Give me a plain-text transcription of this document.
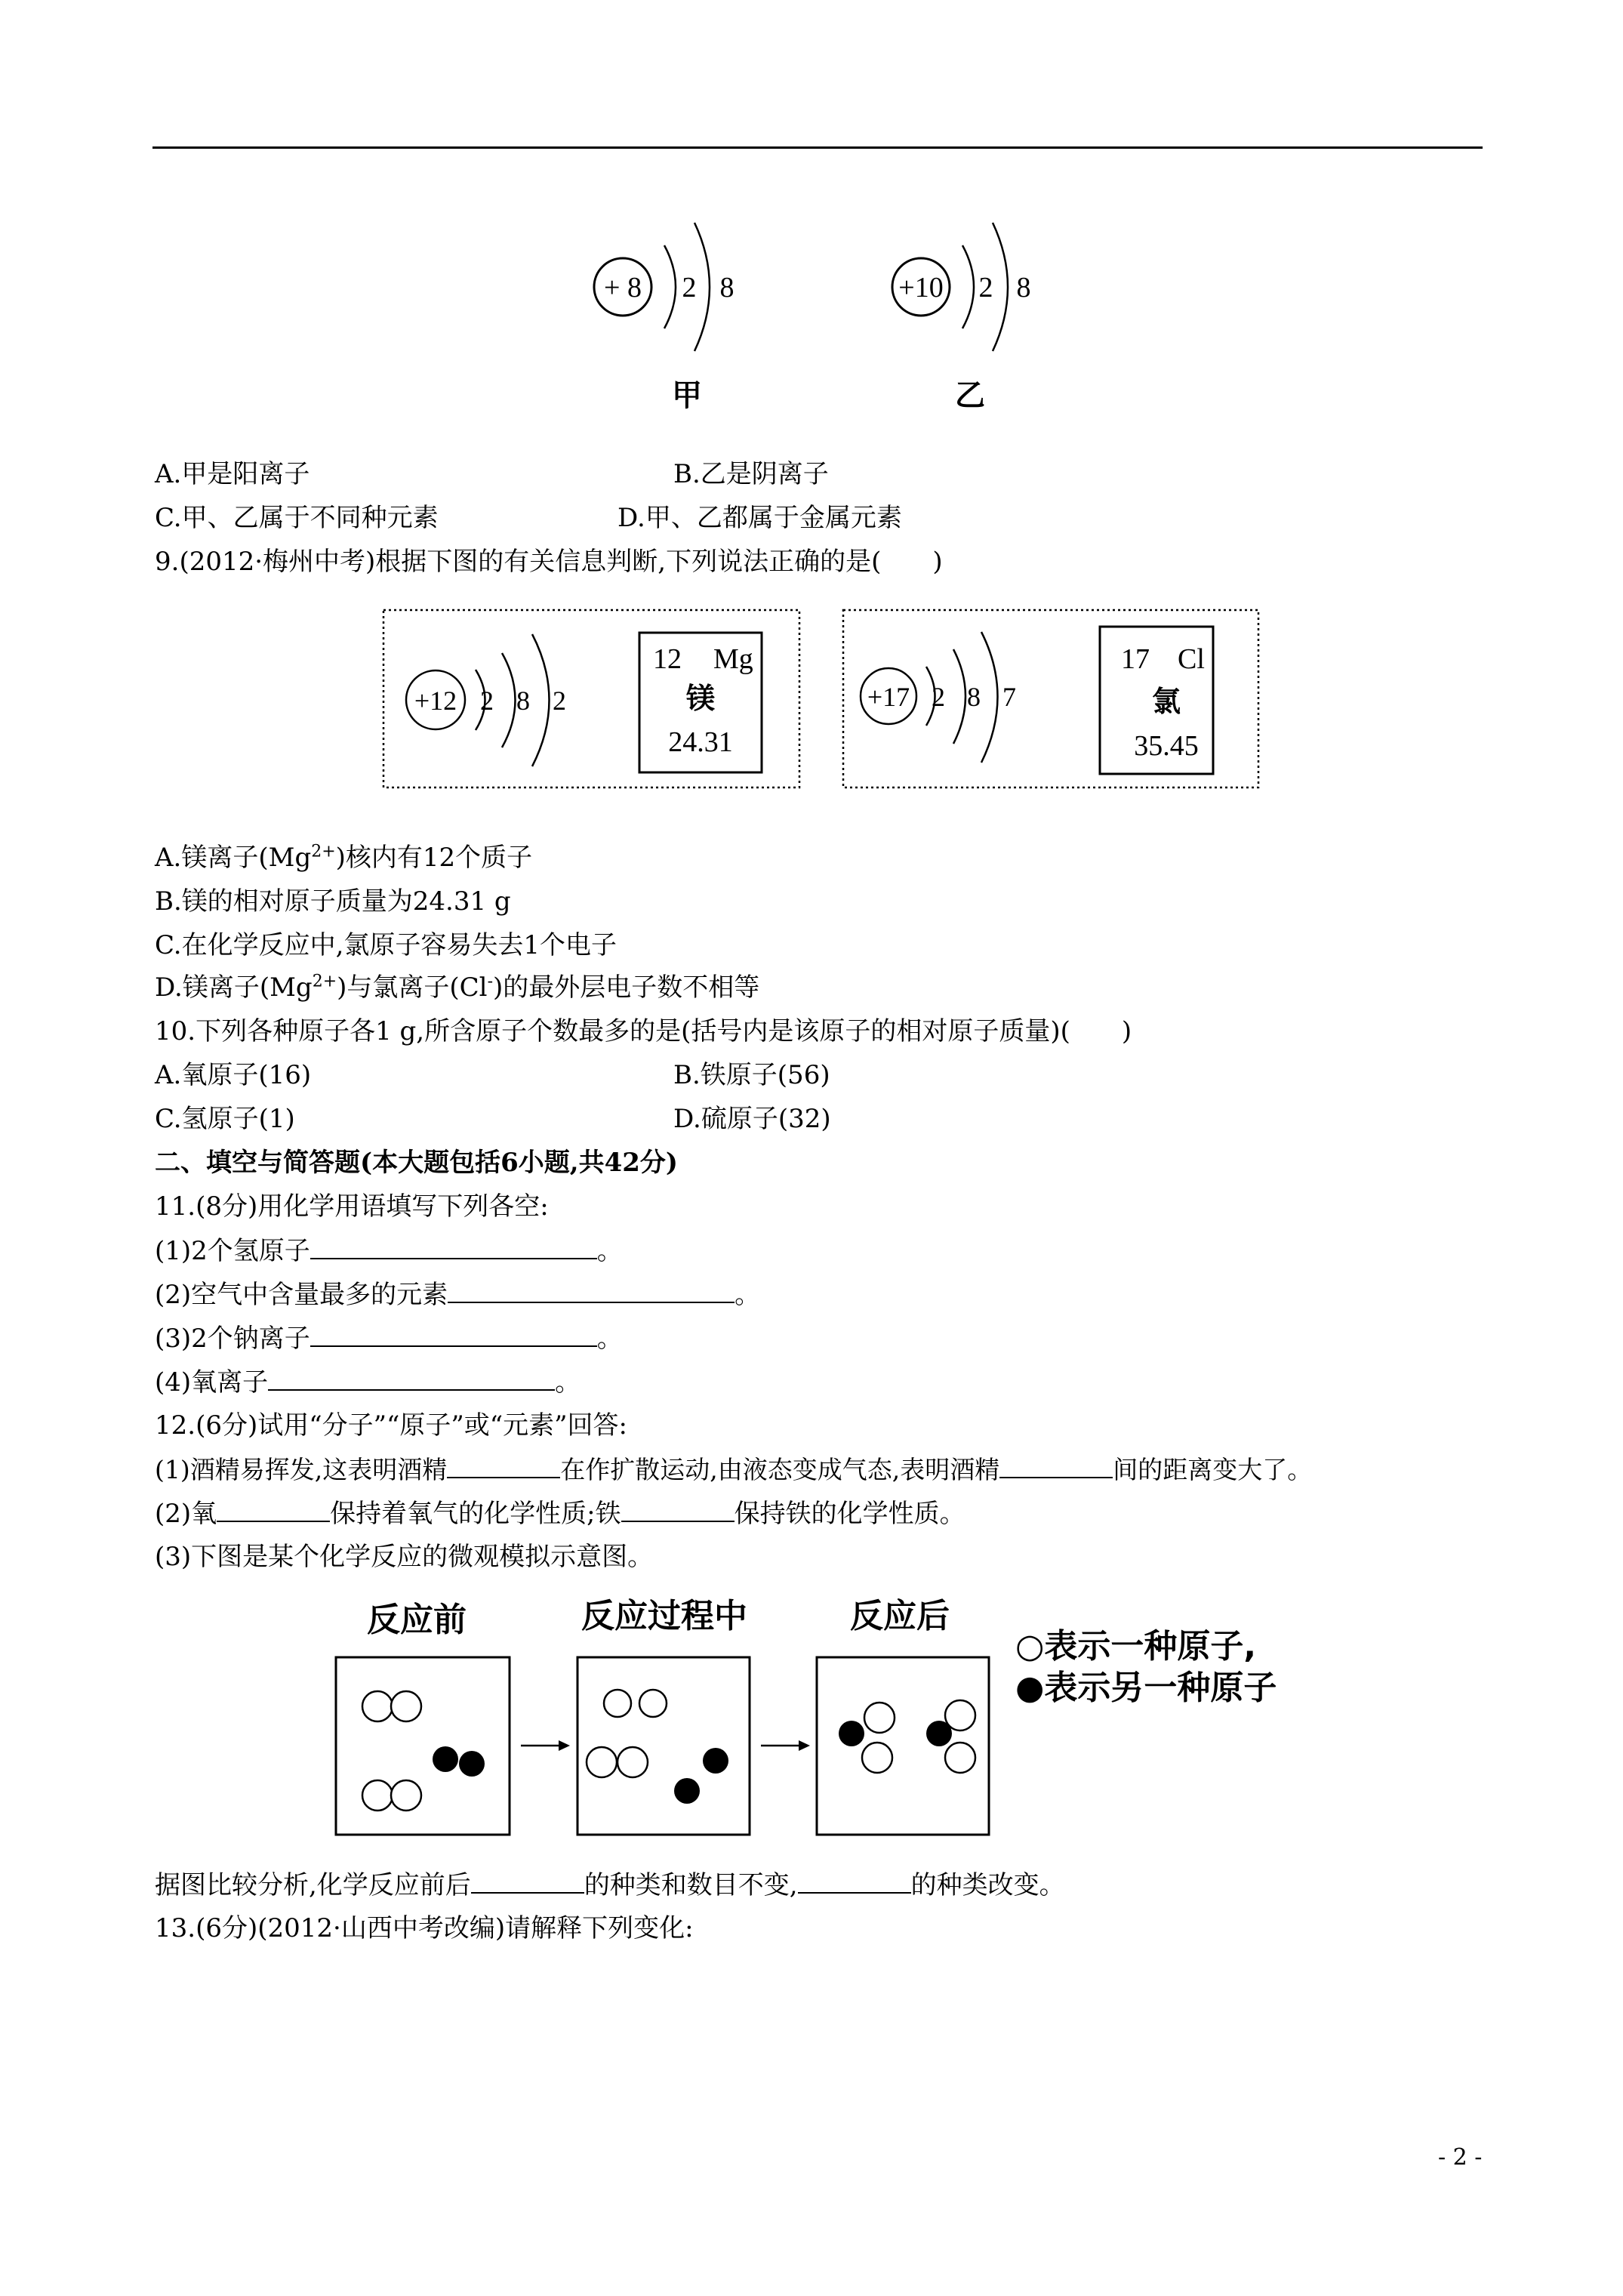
+ 8 2 8
甲
+10 2 8
乙
A.甲是阳离子	B.乙是阴离子
C.甲、乙属于不同种元素	D.甲、乙都属于金属元素
9.(2012·梅州中考)根据下图的有关信息判断,下列说法正确的是(　　)
+12 2 8 2
12 Mg
镁
24.31
+17 2 8 7
17 Cl
氯
35.45
A.镁离子$(Mg^{2+})$核内有12个质子
B.镁的相对原子质量为24.31 g
C.在化学反应中,氯原子容易失去1个电子
D.镁离子$(Mg^{2+})$与氯离子(Cl-)的最外层电子数不相等
10.下列各种原子各1 g,所含原子个数最多的是(括号内是该原子的相对原子质量)(　　)
A.氧原子(16)	B.铁原子(56)
C.氢原子(1)	D.硫原子(32)
二、填空与简答题(本大题包括6小题,共42分)
11.(8分)用化学用语填写下列各空:
(1)2个氢原子	。
(2)空气中含量最多的元素	。
(3)2个钠离子	。
(4)氧离子	。
12.(6分)试用“分子”“原子”或“元素”回答:
(1)酒精易挥发,这表明酒精	在作扩散运动,由液态变成气态,表明酒精	间的距离变大了。
(2)氧	保持着氧气的化学性质;铁	保持铁的化学性质。
(3)下图是某个化学反应的微观模拟示意图。
反应前	反应过程中	反应后
○表示一种原子,
●表示另一种原子
据图比较分析,化学反应前后	的种类和数目不变,	的种类改变。
13.(6分)(2012·山西中考改编)请解释下列变化:
- 2 -
